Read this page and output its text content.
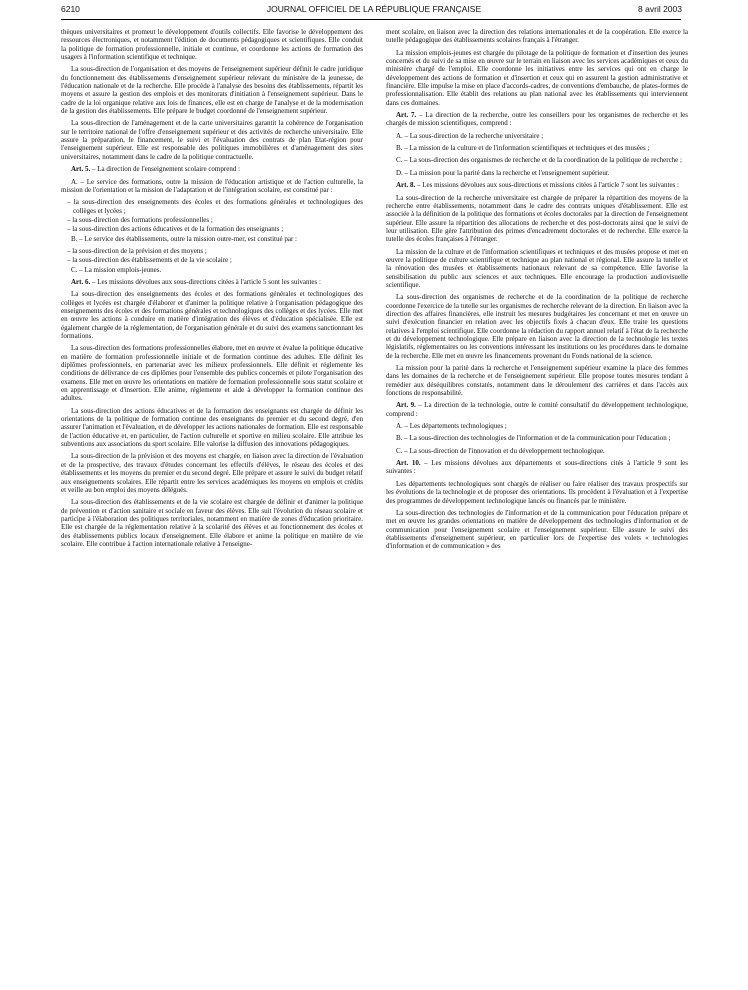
6210	JOURNAL OFFICIEL DE LA RÉPUBLIQUE FRANÇAISE	8 avril 2003

thèques universitaires et promeut le développement d'outils collectifs. Elle favorise le développement des ressources électroniques, et notamment l'édition de documents pédagogiques et scientifiques. Elle conduit la politique de formation professionnelle, initiale et continue, et coordonne les actions de formation des usagers à l'information scientifique et technique.

La sous-direction de l'organisation et des moyens de l'enseignement supérieur définit le cadre juridique du fonctionnement des établissements d'enseignement supérieur relevant du ministère de la jeunesse, de l'éducation nationale et de la recherche. Elle procède à l'analyse des besoins des établissements, répartit les moyens et assure la gestion des emplois et des monitorats d'initiation à l'enseignement supérieur. Dans le cadre de la loi organique relative aux lois de finances, elle est en charge de l'analyse et de la modernisation de la gestion des établissements. Elle prépare le budget coordonné de l'enseignement supérieur.

La sous-direction de l'aménagement et de la carte universitaires garantit la cohérence de l'organisation sur le territoire national de l'offre d'enseignement supérieur et des activités de recherche universitaire. Elle assure la préparation, le financement, le suivi et l'évaluation des contrats de plan Etat-région pour l'enseignement supérieur. Elle est responsable des politiques immobilières et d'aménagement des sites universitaires, notamment dans le cadre de la politique contractuelle.

Art. 5. – La direction de l'enseignement scolaire comprend :

A. – Le service des formations, outre la mission de l'éducation artistique et de l'action culturelle, la mission de l'orientation et la mission de l'adaptation et de l'intégration scolaire, est constitué par :

– la sous-direction des enseignements des écoles et des formations générales et technologiques des collèges et lycées ;

– la sous-direction des formations professionnelles ;

– la sous-direction des actions éducatives et de la formation des enseignants ;

B. – Le service des établissements, outre la mission outre-mer, est constitué par :

– la sous-direction de la prévision et des moyens ;

– la sous-direction des établissements et de la vie scolaire ;

C. – La mission emplois-jeunes.

Art. 6. – Les missions dévolues aux sous-directions citées à l'article 5 sont les suivantes :

La sous-direction des enseignements des écoles et des formations générales et technologiques des collèges et lycées est chargée d'élaborer et d'animer la politique relative à l'organisation pédagogique des enseignements des écoles et des formations générales et technologiques des collèges et des lycées. Elle met en œuvre les actions à conduire en matière d'intégration des élèves et d'éducation spécialisée. Elle est également chargée de la réglementation, de l'organisation générale et du suivi des examens sanctionnant les formations.

La sous-direction des formations professionnelles élabore, met en œuvre et évalue la politique éducative en matière de formation professionnelle initiale et de formation continue des adultes. Elle définit les diplômes professionnels, en partenariat avec les milieux professionnels. Elle définit et réglemente les conditions de délivrance de ces diplômes pour l'ensemble des publics concernés et pilote l'organisation des examens. Elle met en œuvre les orientations en matière de formation professionnelle sous statut scolaire et en apprentissage et d'insertion. Elle anime, réglemente et aide à développer la formation continue des adultes.

La sous-direction des actions éducatives et de la formation des enseignants est chargée de définir les orientations de la politique de formation continue des enseignants du premier et du second degré, d'en assurer l'animation et l'évaluation, et de développer les actions nationales de formation. Elle est responsable de l'action éducative et, en particulier, de l'action culturelle et sportive en milieu scolaire. Elle attribue les subventions aux associations du sport scolaire. Elle valorise la diffusion des innovations pédagogiques.

La sous-direction de la prévision et des moyens est chargée, en liaison avec la direction de l'évaluation et de la prospective, des travaux d'études concernant les effectifs d'élèves, le réseau des écoles et des établissements et les moyens du premier et du second degré. Elle prépare et assure le suivi du budget relatif aux enseignements scolaires. Elle répartit entre les services académiques les moyens en emplois et crédits et veille au bon emploi des moyens délégués.

La sous-direction des établissements et de la vie scolaire est chargée de définir et d'animer la politique de prévention et d'action sanitaire et sociale en faveur des élèves. Elle suit l'évolution du réseau scolaire et participe à l'élaboration des politiques territoriales, notamment en matière de zones d'éducation prioritaire. Elle est chargée de la réglementation relative à la scolarité des élèves et au fonctionnement des écoles et des établissements publics locaux d'enseignement. Elle élabore et anime la politique en matière de vie scolaire. Elle contribue à l'action internationale relative à l'enseigne-

ment scolaire, en liaison avec la direction des relations internationales et de la coopération. Elle exerce la tutelle pédagogique des établissements scolaires français à l'étranger.

La mission emplois-jeunes est chargée du pilotage de la politique de formation et d'insertion des jeunes concernés et du suivi de sa mise en œuvre sur le terrain en liaison avec les services académiques et ceux du ministère chargé de l'emploi. Elle coordonne les initiatives entre les services qui ont en charge le développement des actions de formation et d'insertion et ceux qui en assurent la gestion administrative et financière. Elle impulse la mise en place d'accords-cadres, de conventions d'embauche, de plates-formes de professionnalisation. Elle établit des relations au plan national avec les établissements qui interviennent dans ces domaines.

Art. 7. – La direction de la recherche, outre les conseillers pour les organismes de recherche et les chargés de mission scientifiques, comprend :

A. – La sous-direction de la recherche universitaire ;

B. – La mission de la culture et de l'information scientifiques et techniques et des musées ;

C. – La sous-direction des organismes de recherche et de la coordination de la politique de recherche ;

D. – La mission pour la parité dans la recherche et l'enseignement supérieur.

Art. 8. – Les missions dévolues aux sous-directions et missions citées à l'article 7 sont les suivantes :

La sous-direction de la recherche universitaire est chargée de préparer la répartition des moyens de la recherche entre établissements, notamment dans le cadre des contrats uniques d'établissement. Elle est associée à la définition de la politique des formations et écoles doctorales par la direction de l'enseignement supérieur. Elle assure la répartition des allocations de recherche et des post-doctorats ainsi que le suivi de leur utilisation. Elle gère l'attribution des primes d'encadrement doctorales et de recherche. Elle exerce la tutelle des écoles françaises à l'étranger.

La mission de la culture et de l'information scientifiques et techniques et des musées propose et met en œuvre la politique de culture scientifique et technique au plan national et régional. Elle assure la tutelle et la rénovation des musées et établissements nationaux relevant de sa compétence. Elle favorise la sensibilisation du public aux sciences et aux techniques. Elle encourage la production audiovisuelle scientifique.

La sous-direction des organismes de recherche et de la coordination de la politique de recherche coordonne l'exercice de la tutelle sur les organismes de recherche relevant de la direction. En liaison avec la direction des affaires financières, elle instruit les mesures budgétaires les concernant et met en œuvre un suivi d'exécution financier en relation avec les objectifs fixés à chacun d'eux. Elle traite les questions relatives à l'emploi scientifique. Elle coordonne la rédaction du rapport annuel relatif à l'état de la recherche et du développement technologique. Elle prépare en liaison avec la direction de la technologie les textes législatifs, réglementaires ou les conventions intéressant les institutions ou les procédures dans le domaine de la recherche. Elle met en œuvre les financements provenant du Fonds national de la science.

La mission pour la parité dans la recherche et l'enseignement supérieur examine la place des femmes dans les domaines de la recherche et de l'enseignement supérieur. Elle propose toutes mesures tendant à remédier aux déséquilibres constatés, notamment dans le déroulement des carrières et dans l'accès aux fonctions de responsabilité.

Art. 9. – La direction de la technologie, outre le comité consultatif du développement technologique, comprend :

A. – Les départements technologiques ;

B. – La sous-direction des technologies de l'information et de la communication pour l'éducation ;

C. – La sous-direction de l'innovation et du développement technologique.

Art. 10. – Les missions dévolues aux départements et sous-directions cités à l'article 9 sont les suivantes :

Les départements technologiques sont chargés de réaliser ou faire réaliser des travaux prospectifs sur les évolutions de la technologie et de proposer des orientations. Ils procèdent à l'évaluation et à l'expertise des programmes de développement technologique lancés ou financés par le ministère.

La sous-direction des technologies de l'information et de la communication pour l'éducation prépare et met en œuvre les grandes orientations en matière de développement des technologies d'information et de communication pour l'enseignement scolaire et l'enseignement supérieur. Elle assure le suivi des établissements d'enseignement supérieur, en particulier lors de l'expertise des volets « technologies d'information et de communication » des
